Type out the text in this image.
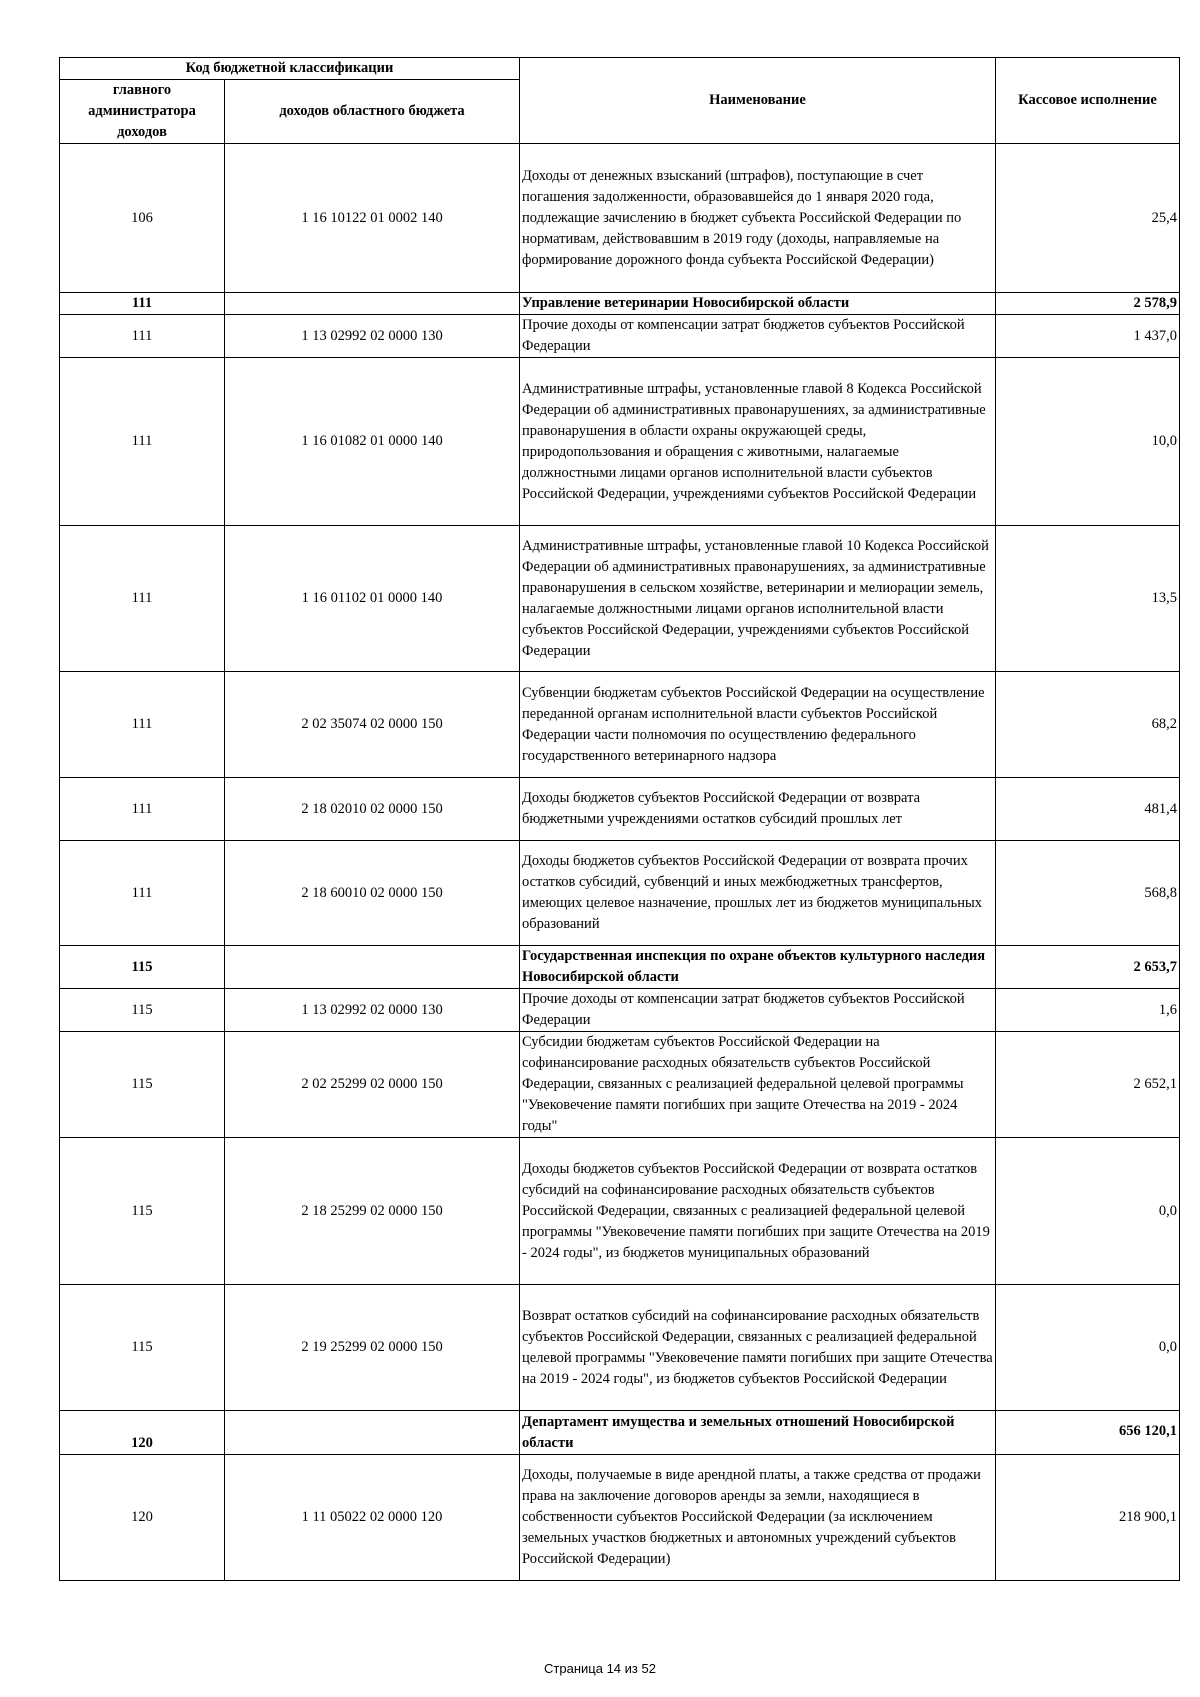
Код бюджетной классификации		Наименование	Кассовое исполнение
главного администратора доходов	доходов областного бюджета		
106	1 16 10122 01 0002 140	Доходы от денежных взысканий (штрафов), поступающие в счет погашения задолженности, образовавшейся до 1 января 2020 года, подлежащие зачислению в бюджет субъекта Российской Федерации по нормативам, действовавшим в 2019 году (доходы, направляемые на формирование дорожного фонда субъекта Российской Федерации)	25,4
111		Управление ветеринарии Новосибирской области	2 578,9
111	1 13 02992 02 0000 130	Прочие доходы от компенсации затрат бюджетов субъектов Российской Федерации	1 437,0
111	1 16 01082 01 0000 140	Административные штрафы, установленные главой 8 Кодекса Российской Федерации об административных правонарушениях, за административные правонарушения в области охраны окружающей среды, природопользования и обращения с животными, налагаемые должностными лицами органов исполнительной власти субъектов Российской Федерации, учреждениями субъектов Российской Федерации	10,0
111	1 16 01102 01 0000 140	Административные штрафы, установленные главой 10 Кодекса Российской Федерации об административных правонарушениях, за административные правонарушения в сельском хозяйстве, ветеринарии и мелиорации земель, налагаемые должностными лицами органов исполнительной власти субъектов Российской Федерации, учреждениями субъектов Российской Федерации	13,5
111	2 02 35074 02 0000 150	Субвенции бюджетам субъектов Российской Федерации на осуществление переданной органам исполнительной власти субъектов Российской Федерации части полномочия по осуществлению федерального государственного ветеринарного надзора	68,2
111	2 18 02010 02 0000 150	Доходы бюджетов субъектов Российской Федерации от возврата бюджетными учреждениями остатков субсидий прошлых лет	481,4
111	2 18 60010 02 0000 150	Доходы бюджетов субъектов Российской Федерации от возврата прочих остатков субсидий, субвенций и иных межбюджетных трансфертов, имеющих целевое назначение, прошлых лет из бюджетов муниципальных образований	568,8
115		Государственная инспекция по охране объектов культурного наследия Новосибирской области	2 653,7
115	1 13 02992 02 0000 130	Прочие доходы от компенсации затрат бюджетов субъектов Российской Федерации	1,6
115	2 02 25299 02 0000 150	Субсидии бюджетам субъектов Российской Федерации на софинансирование расходных обязательств субъектов Российской Федерации, связанных с реализацией федеральной целевой программы "Увековечение памяти погибших при защите Отечества на 2019 - 2024 годы"	2 652,1
115	2 18 25299 02 0000 150	Доходы бюджетов субъектов Российской Федерации от возврата остатков субсидий на софинансирование расходных обязательств субъектов Российской Федерации, связанных с реализацией федеральной целевой программы "Увековечение памяти погибших при защите Отечества на 2019 - 2024 годы", из бюджетов муниципальных образований	0,0
115	2 19 25299 02 0000 150	Возврат остатков субсидий на софинансирование расходных обязательств субъектов Российской Федерации, связанных с реализацией федеральной целевой программы "Увековечение памяти погибших при защите Отечества на 2019 - 2024 годы", из бюджетов субъектов Российской Федерации	0,0
120		Департамент имущества и земельных отношений Новосибирской области	656 120,1
120	1 11 05022 02 0000 120	Доходы, получаемые в виде арендной платы, а также средства от продажи права на заключение договоров аренды за земли, находящиеся в собственности субъектов Российской Федерации (за исключением земельных участков бюджетных и автономных учреждений субъектов Российской Федерации)	218 900,1
Страница 14 из 52
